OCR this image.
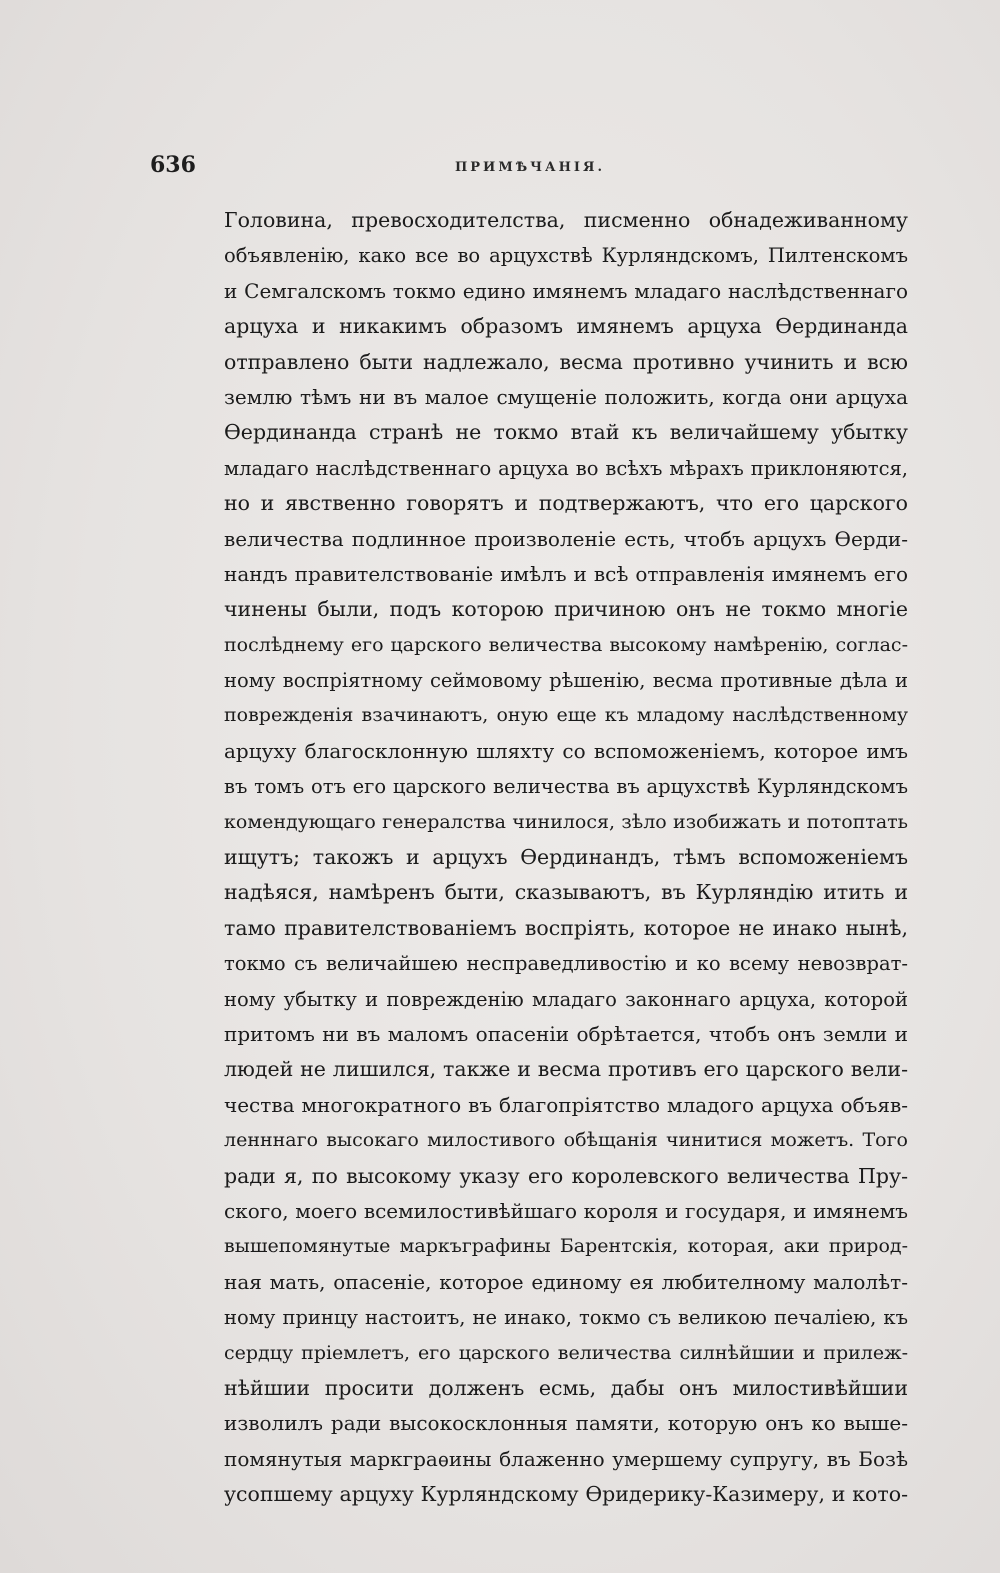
636	ПРИМѢЧАНІЯ.
Головина, превосходителства, писменно обнадеживанному
объявленію, како все во арцухствѣ Курляндскомъ, Пилтенскомъ
и Семгалскомъ токмо едино имянемъ младаго наслѣдственнаго
арцуха и никакимъ образомъ имянемъ арцуха Ѳердинанда
отправлено быти надлежало, весма противно учинить и всю
землю тѣмъ ни въ малое смущеніе положить, когда они арцуха
Ѳердинанда странѣ не токмо втай къ величайшему убытку
младаго наслѣдственнаго арцуха во всѣхъ мѣрахъ приклоняются,
но и явственно говорятъ и подтвержаютъ, что его царского
величества подлинное произволеніе есть, чтобъ арцухъ Ѳерди-
нандъ правителствованіе имѣлъ и всѣ отправленія имянемъ его
чинены были, подъ которою причиною онъ не токмо многіе
послѣднему его царского величества высокому намѣренію, соглас-
ному воспріятному сеймовому рѣшенію, весма противные дѣла и
поврежденія взачинаютъ, оную еще къ младому наслѣдственному
арцуху благосклонную шляхту со вспоможеніемъ, которое имъ
въ томъ отъ его царского величества въ арцухствѣ Курляндскомъ
комендующаго генералства чинилося, зѣло изобижать и потоптать
ищутъ; такожъ и арцухъ Ѳердинандъ, тѣмъ вспоможеніемъ
надѣяся, намѣренъ быти, сказываютъ, въ Курляндію итить и
тамо правителствованіемъ воспріять, которое не инако нынѣ,
токмо съ величайшею несправедливостію и ко всему невозврат-
ному убытку и поврежденію младаго законнаго арцуха, которой
притомъ ни въ маломъ опасеніи обрѣтается, чтобъ онъ земли и
людей не лишился, также и весма противъ его царского вели-
чества многократного въ благопріятство младого арцуха объяв-
ленннаго высокаго милостивого обѣщанія чинитися можетъ. Того
ради я, по высокому указу его королевского величества Пру-
ского, моего всемилостивѣйшаго короля и государя, и имянемъ
вышепомянутые маркъграфины Барентскія, которая, аки природ-
ная мать, опасеніе, которое единому ея любителному малолѣт-
ному принцу настоитъ, не инако, токмо съ великою печаліею, къ
сердцу пріемлетъ, его царского величества силнѣйшии и прилеж-
нѣйшии просити долженъ есмь, дабы онъ милостивѣйшии
изволилъ ради высокосклонныя памяти, которую онъ ко выше-
помянутыя маркграѳины блаженно умершему супругу, въ Бозѣ
усопшему арцуху Курляндскому Ѳридерику-Казимеру, и кото-
